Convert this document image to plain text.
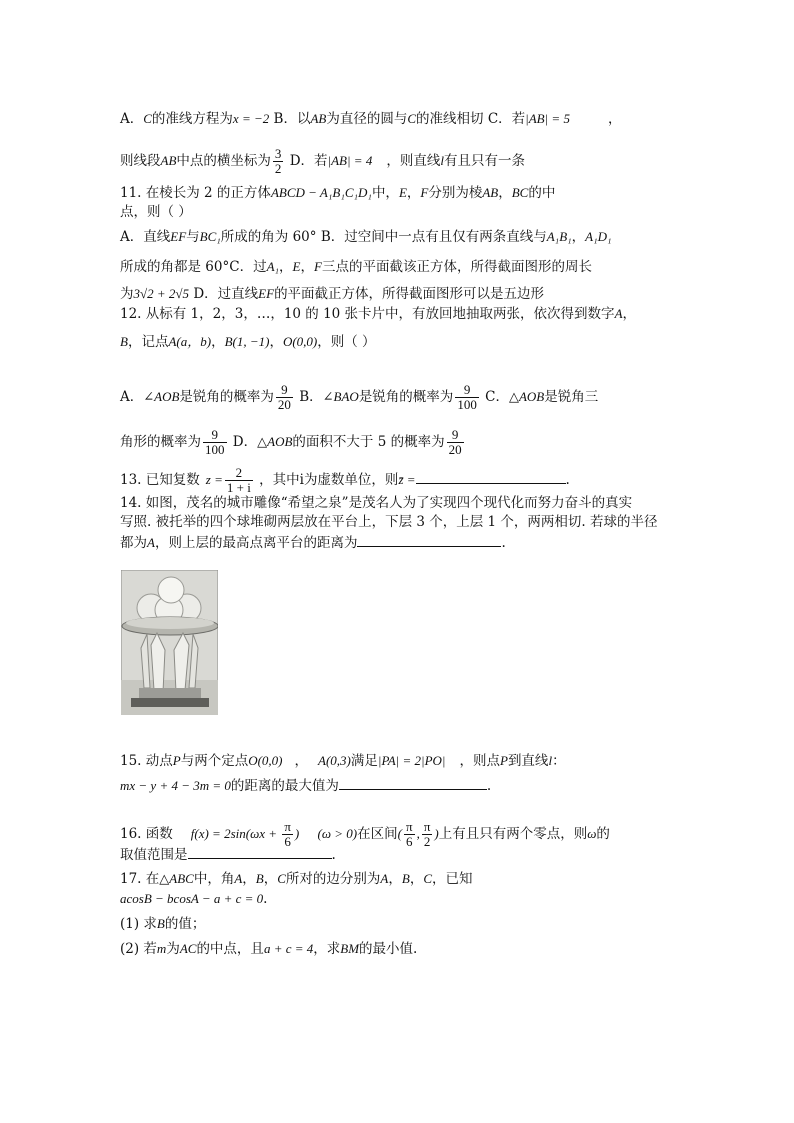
A．C的准线方程为x = −2 B．以AB为直径的圆与C的准线相切 C．若|AB| = 5	，
则线段AB中点的横坐标为 $\frac{3}{2}$ D．若|AB| = 4 ，则直线l有且只有一条
11. 在棱长为 2 的正方体ABCD − A₁B₁C₁D₁中，E，F分别为棱AB，BC的中
点，则（ ）
A．直线EF与BC₁所成的角为 60° B．过空间中一点有且仅有两条直线与A₁B₁，A₁D₁
所成的角都是 60°C．过A₁，E，F三点的平面截该正方体，所得截面图形的周长
为3√2 + 2√5 D．过直线EF的平面截正方体，所得截面图形可以是五边形
12. 从标有 1，2，3，…，10 的 10 张卡片中，有放回地抽取两张，依次得到数字A，
B，记点A(a，b)，B(1, −1)，O(0,0)，则（ ）
A．∠AOB是锐角的概率为 $\frac{9}{20}$ B．∠BAO是锐角的概率为 $\frac{9}{100}$ C．△AOB是锐角三
角形的概率为 $\frac{9}{100}$ D．△AOB的面积不大于 5 的概率为 $\frac{9}{20}$
13. 已知复数 $z = \frac{2}{1 + i}$ ，其中i为虚数单位，则z̄ =	.
14. 如图，茂名的城市雕像“希望之泉”是茂名人为了实现四个现代化而努力奋斗的真实
写照. 被托举的四个球堆砌两层放在平台上，下层 3 个，上层 1 个，两两相切. 若球的半径
都为A，则上层的最高点离平台的距离为	.
15. 动点P与两个定点O(0,0) ， A(0,3)满足|PA| = 2|PO| ，则点P到直线l：
mx − y + 4 − 3m = 0的距离的最大值为	.
16. 函数 $f(x) = 2\sin(\omega x + \frac{\pi}{6}$ ) (ω > 0)在区间( $\frac{\pi}{6}$ , $\frac{\pi}{2}$ )上有且只有两个零点，则ω的
取值范围是	.
17. 在△ABC中，角A，B，C所对的边分别为A，B，C，已知
acosB − bcosA − a + c = 0.
(1) 求B的值；
(2) 若m为AC的中点，且a + c = 4，求BM的最小值.
